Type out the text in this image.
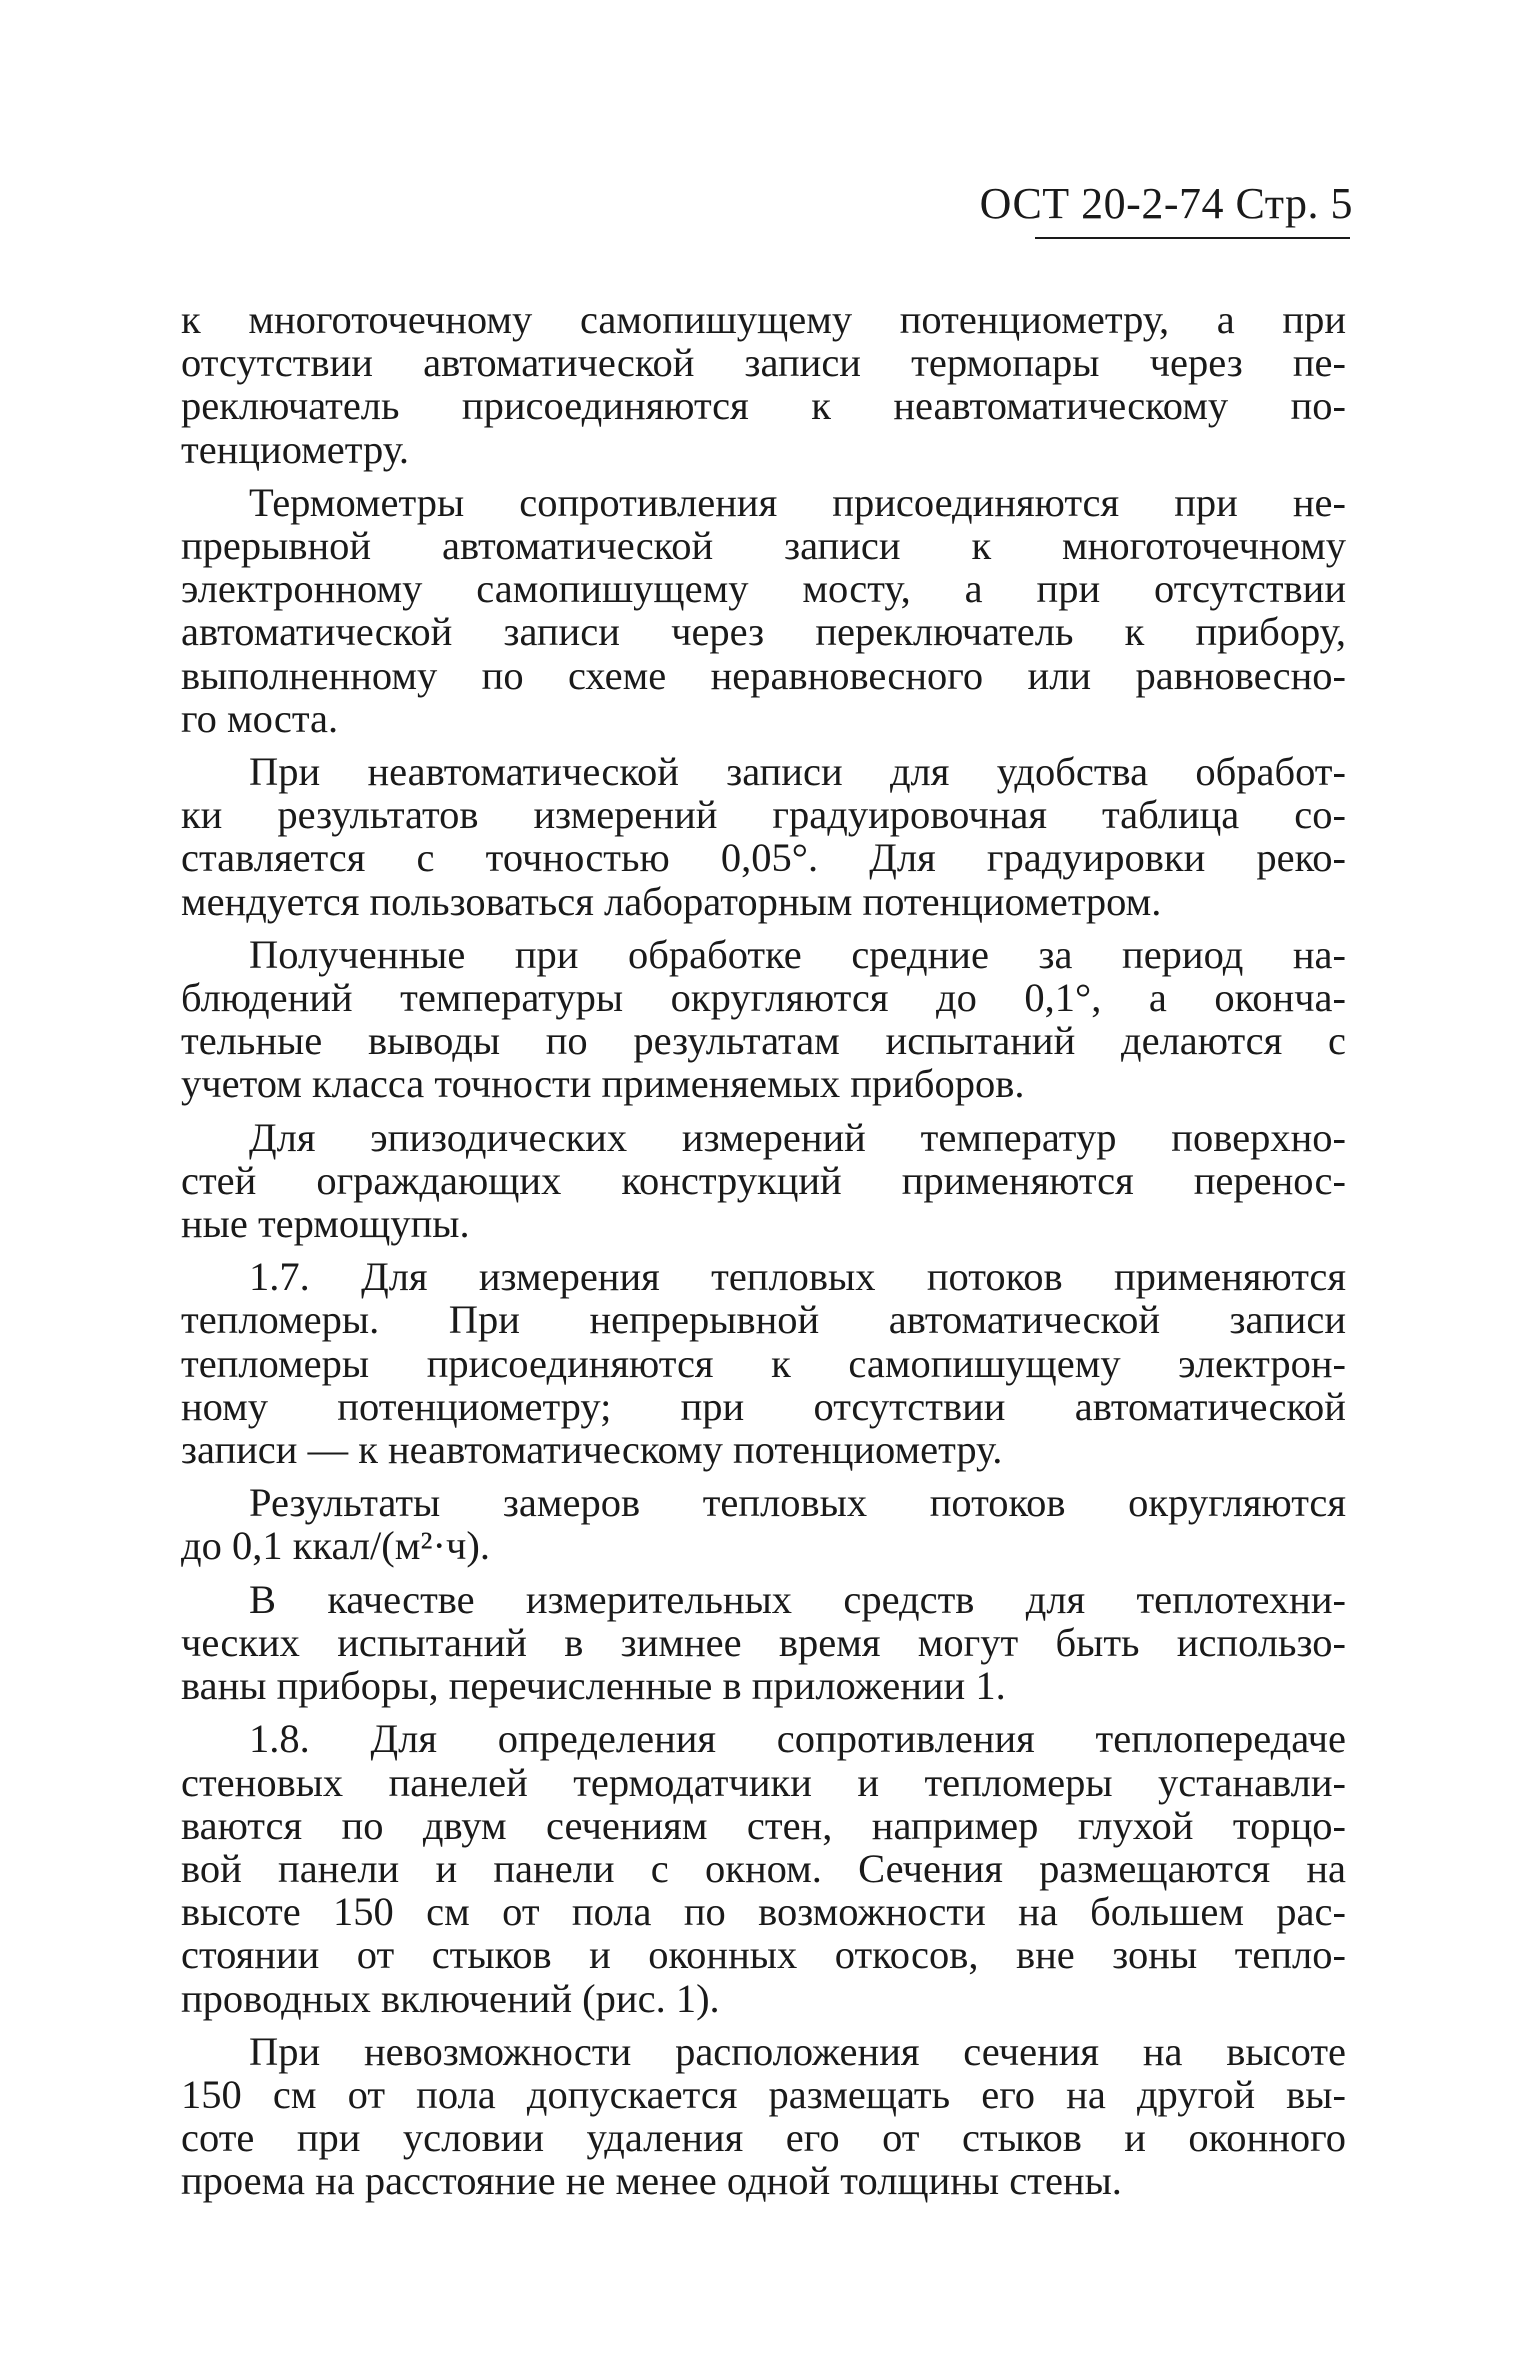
ОСТ 20-2-74 Стр. 5
к многоточечному самопишущему потенциометру, а при
отсутствии автоматической записи термопары через пе-
реключатель присоединяются к неавтоматическому по-
тенциометру.
Термометры сопротивления присоединяются при не-
прерывной автоматической записи к многоточечному
электронному самопишущему мосту, а при отсутствии
автоматической записи через переключатель к прибору,
выполненному по схеме неравновесного или равновесно-
го моста.
При неавтоматической записи для удобства обработ-
ки результатов измерений градуировочная таблица со-
ставляется с точностью 0,05°. Для градуировки реко-
мендуется пользоваться лабораторным потенциометром.
Полученные при обработке средние за период на-
блюдений температуры округляются до 0,1°, а оконча-
тельные выводы по результатам испытаний делаются с
учетом класса точности применяемых приборов.
Для эпизодических измерений температур поверхно-
стей ограждающих конструкций применяются перенос-
ные термощупы.
1.7. Для измерения тепловых потоков применяются
тепломеры. При непрерывной автоматической записи
тепломеры присоединяются к самопишущему электрон-
ному потенциометру; при отсутствии автоматической
записи — к неавтоматическому потенциометру.
Результаты замеров тепловых потоков округляются
до 0,1 ккал/(м²·ч).
В качестве измерительных средств для теплотехни-
ческих испытаний в зимнее время могут быть использо-
ваны приборы, перечисленные в приложении 1.
1.8. Для определения сопротивления теплопередаче
стеновых панелей термодатчики и тепломеры устанавли-
ваются по двум сечениям стен, например глухой торцо-
вой панели и панели с окном. Сечения размещаются на
высоте 150 см от пола по возможности на большем рас-
стоянии от стыков и оконных откосов, вне зоны тепло-
проводных включений (рис. 1).
При невозможности расположения сечения на высоте
150 см от пола допускается размещать его на другой вы-
соте при условии удаления его от стыков и оконного
проема на расстояние не менее одной толщины стены.
